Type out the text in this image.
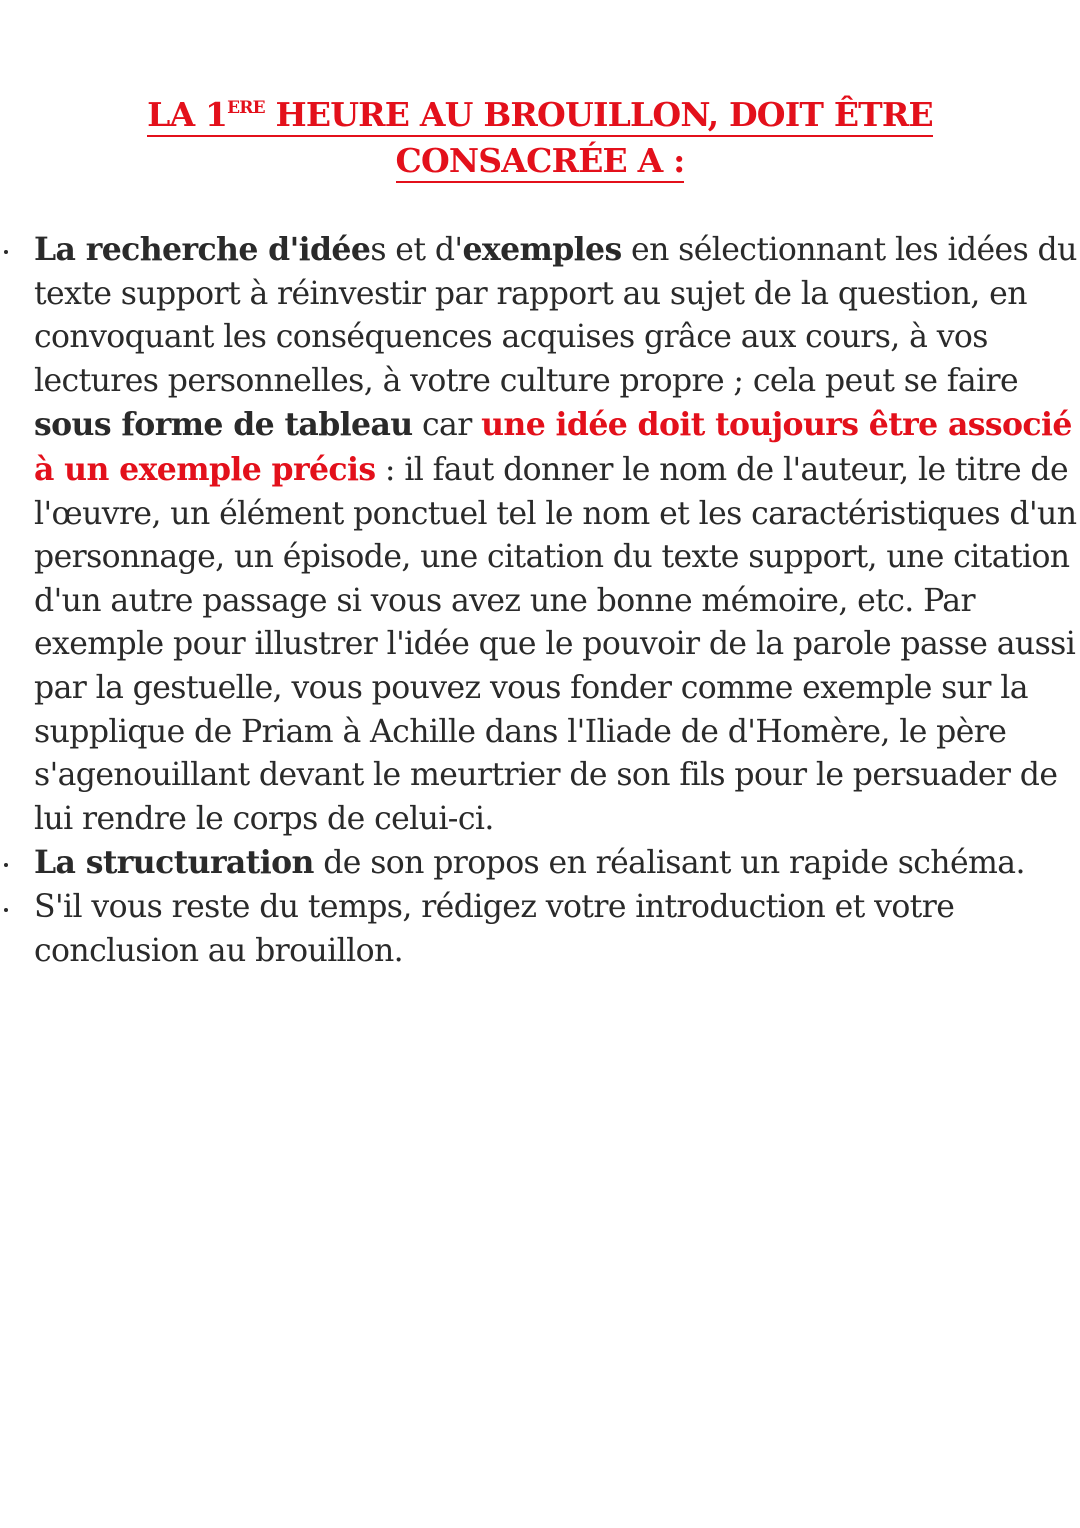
LA 1ERE HEURE AU BROUILLON, DOIT ÊTRE
CONSACRÉE A :
La recherche d'idées et d'exemples en sélectionnant les idées du texte support à réinvestir par rapport au sujet de la question, en convoquant les conséquences acquises grâce aux cours, à vos lectures personnelles, à votre culture propre ; cela peut se faire sous forme de tableau car une idée doit toujours être associé à un exemple précis : il faut donner le nom de l'auteur, le titre de l'œuvre, un élément ponctuel tel le nom et les caractéristiques d'un personnage, un épisode, une citation du texte support, une citation d'un autre passage si vous avez une bonne mémoire, etc. Par exemple pour illustrer l'idée que le pouvoir de la parole passe aussi par la gestuelle, vous pouvez vous fonder comme exemple sur la supplique de Priam à Achille dans l'Iliade de d'Homère, le père s'agenouillant devant le meurtrier de son fils pour le persuader de lui rendre le corps de celui-ci.
La structuration de son propos en réalisant un rapide schéma.
S'il vous reste du temps, rédigez votre introduction et votre conclusion au brouillon.
